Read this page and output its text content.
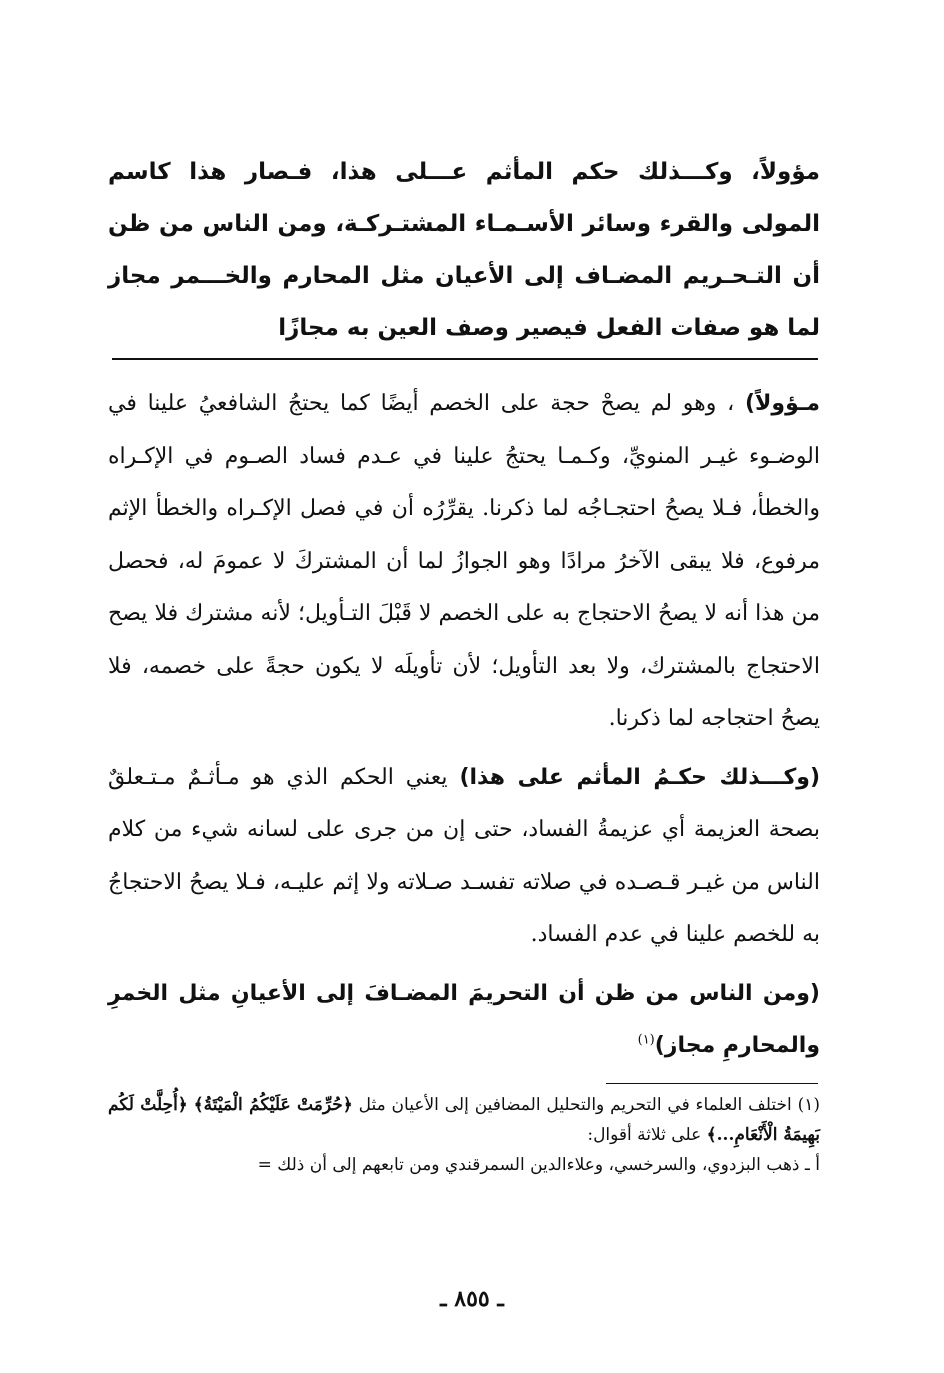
مؤولاً، وكـــذلك حكم المأثم عـــلى هذا، فـصار هذا كاسم المولى والقرء وسائر الأسـمـاء المشتـركـة، ومن الناس من ظن أن التـحـريم المضـاف إلى الأعيان مثل المحارم والخـــمر مجاز لما هو صفات الفعل فيصير وصف العين به مجازًا

مـؤولاً) ، وهو لم يصحْ حجة على الخصم أيضًا كما يحتجُ الشافعيُ علينا في الوضـوء غيـر المنويِّ، وكـمـا يحتجُ علينا في عـدم فساد الصـوم في الإكـراه والخطأ، فـلا يصحُ احتجـاجُه لما ذكرنا. يقرِّرُه أن في فصل الإكـراه والخطأ الإثم مرفوع، فلا يبقى الآخرُ مرادًا وهو الجوازُ لما أن المشتركَ لا عمومَ له، فحصل من هذا أنه لا يصحُ الاحتجاج به على الخصم لا قَبْلَ التـأويل؛ لأنه مشترك فلا يصح الاحتجاج بالمشترك، ولا بعد التأويل؛ لأن تأويلَه لا يكون حجةً على خصمه، فلا يصحُ احتجاجه لما ذكرنا.

(وكـــذلك حكـمُ المأثم على هذا) يعني الحكم الذي هو مـأثـمٌ مـتـعلقٌ بصحة العزيمة أي عزيمةُ الفساد، حتى إن من جرى على لسانه شيء من كلام الناس من غيـر قـصـده في صلاته تفسـد صـلاته ولا إثم عليـه، فـلا يصحُ الاحتجاجُ به للخصم علينا في عدم الفساد.

(ومن الناس من ظن أن التحريمَ المضـافَ إلى الأعيانِ مثل الخمرِ والمحارمِ مجاز)$^{(١)}$

(١) اختلف العلماء في التحريم والتحليل المضافين إلى الأعيان مثل ﴿حُرِّمَتْ عَلَيْكُمُ الْمَيْتَةُ﴾ ﴿أُحِلَّتْ لَكُم بَهِيمَةُ الْأَنْعَامِ...﴾ على ثلاثة أقوال:

أ ـ ذهب البزدوي، والسرخسي، وعلاءالدين السمرقندي ومن تابعهم إلى أن ذلك =

ـ ٨٥٥ ـ
